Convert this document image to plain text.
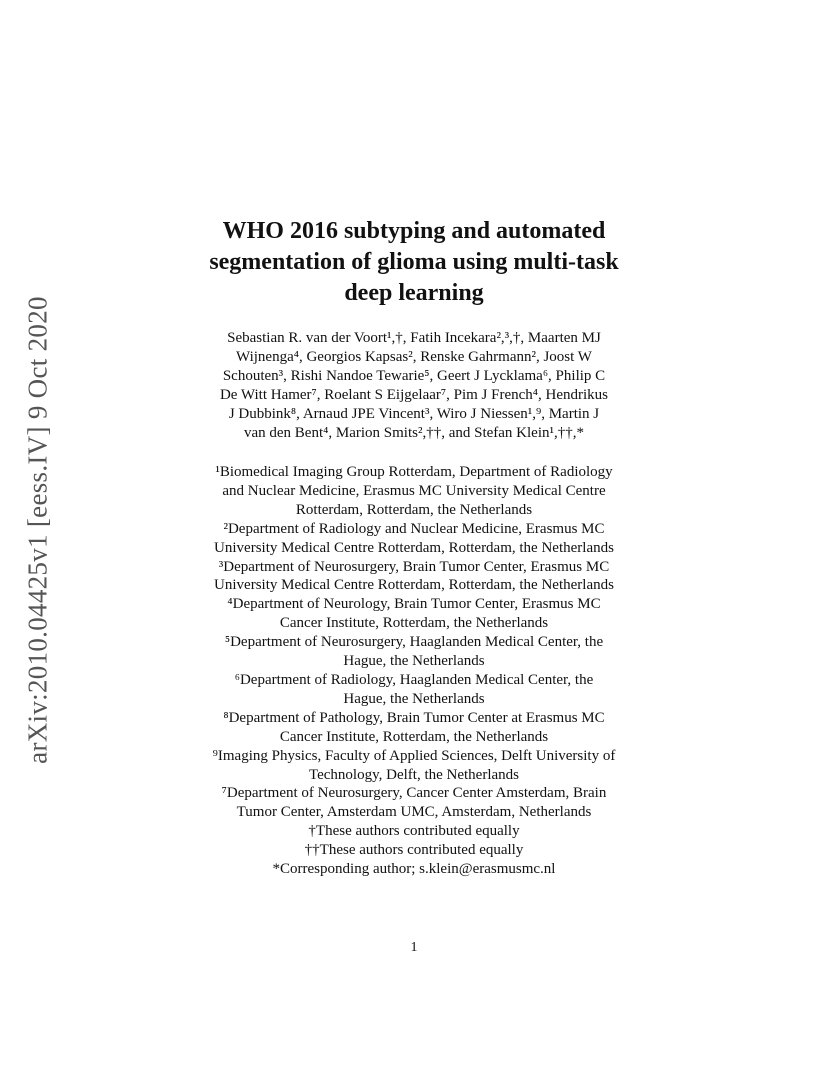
arXiv:2010.04425v1 [eess.IV] 9 Oct 2020
WHO 2016 subtyping and automated
segmentation of glioma using multi-task
deep learning
Sebastian R. van der Voort¹,†, Fatih Incekara²,³,†, Maarten MJ
Wijnenga⁴, Georgios Kapsas², Renske Gahrmann², Joost W
Schouten³, Rishi Nandoe Tewarie⁵, Geert J Lycklama⁶, Philip C
De Witt Hamer⁷, Roelant S Eijgelaar⁷, Pim J French⁴, Hendrikus
J Dubbink⁸, Arnaud JPE Vincent³, Wiro J Niessen¹,⁹, Martin J
van den Bent⁴, Marion Smits²,††, and Stefan Klein¹,††,*
¹Biomedical Imaging Group Rotterdam, Department of Radiology
and Nuclear Medicine, Erasmus MC University Medical Centre
Rotterdam, Rotterdam, the Netherlands
²Department of Radiology and Nuclear Medicine, Erasmus MC
University Medical Centre Rotterdam, Rotterdam, the Netherlands
³Department of Neurosurgery, Brain Tumor Center, Erasmus MC
University Medical Centre Rotterdam, Rotterdam, the Netherlands
⁴Department of Neurology, Brain Tumor Center, Erasmus MC
Cancer Institute, Rotterdam, the Netherlands
⁵Department of Neurosurgery, Haaglanden Medical Center, the
Hague, the Netherlands
⁶Department of Radiology, Haaglanden Medical Center, the
Hague, the Netherlands
⁸Department of Pathology, Brain Tumor Center at Erasmus MC
Cancer Institute, Rotterdam, the Netherlands
⁹Imaging Physics, Faculty of Applied Sciences, Delft University of
Technology, Delft, the Netherlands
⁷Department of Neurosurgery, Cancer Center Amsterdam, Brain
Tumor Center, Amsterdam UMC, Amsterdam, Netherlands
†These authors contributed equally
††These authors contributed equally
*Corresponding author; s.klein@erasmusmc.nl
1
